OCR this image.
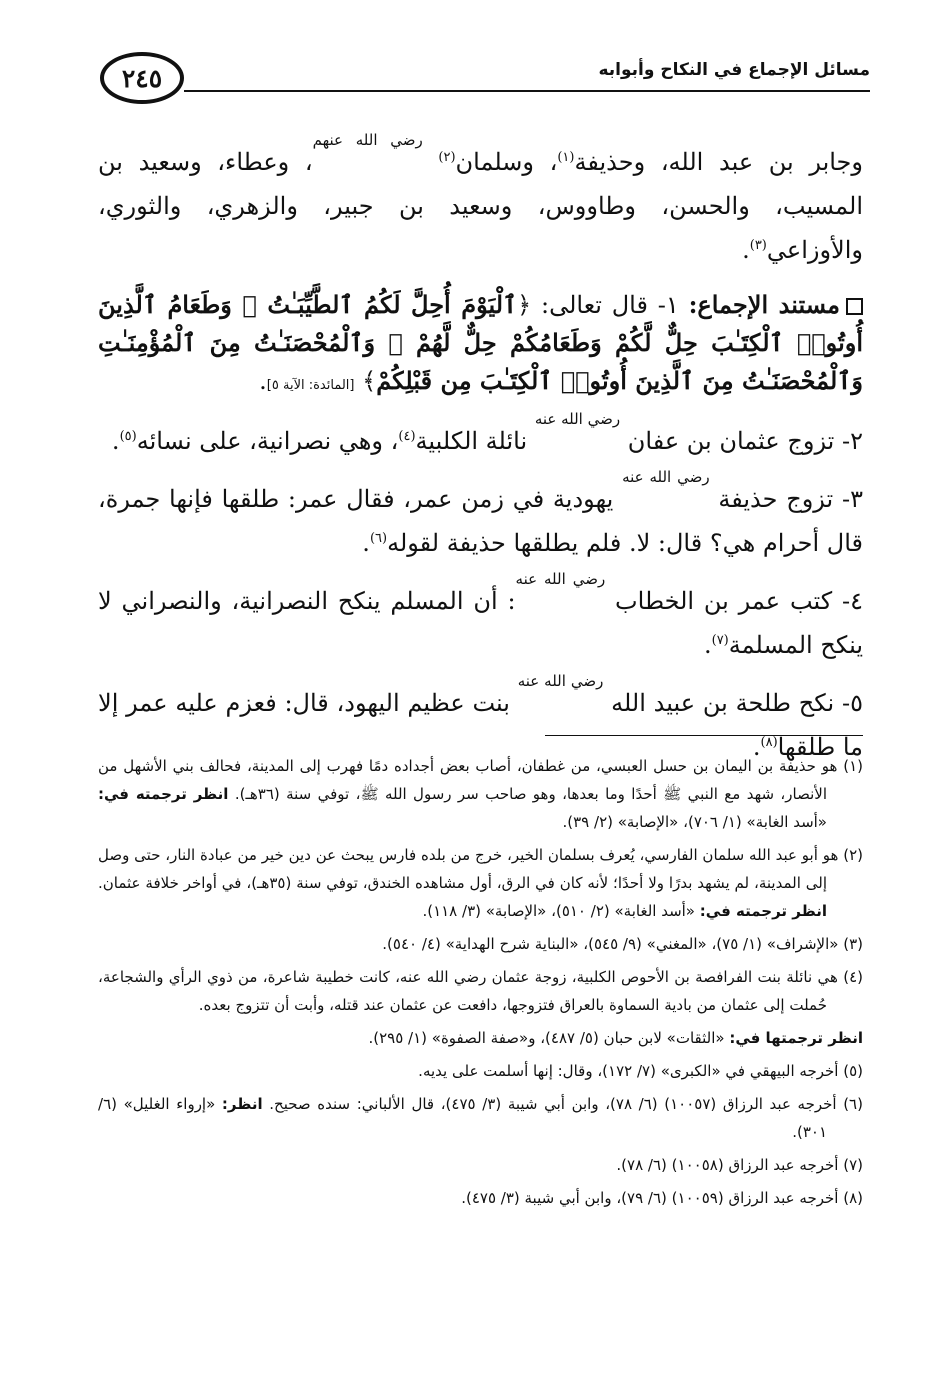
٢٤٥	مسائل الإجماع في النكاح وأبوابه

وجابر بن عبد الله، وحذيفة$^{(١)}$، وسلمان$^{(٢)}$ $^{رضي الله عنهم}$، وعطاء، وسعيد بن المسيب، والحسن، وطاووس، وسعيد بن جبير، والزهري، والثوري، والأوزاعي$^{(٣)}$.

مستند الإجماع: ١- قال تعالى: ﴿ٱلْيَوْمَ أُحِلَّ لَكُمُ ٱلطَّيِّبَـٰتُ ۖ وَطَعَامُ ٱلَّذِينَ أُوتُوا۟ ٱلْكِتَـٰبَ حِلٌّ لَّكُمْ وَطَعَامُكُمْ حِلٌّ لَّهُمْ ۖ وَٱلْمُحْصَنَـٰتُ مِنَ ٱلْمُؤْمِنَـٰتِ وَٱلْمُحْصَنَـٰتُ مِنَ ٱلَّذِينَ أُوتُوا۟ ٱلْكِتَـٰبَ مِن قَبْلِكُمْ﴾ [المائدة: الآية ٥].

٢- تزوج عثمان بن عفان $^{رضي الله عنه}$ نائلة الكلبية$^{(٤)}$، وهي نصرانية، على نسائه$^{(٥)}$.

٣- تزوج حذيفة $^{رضي الله عنه}$ يهودية في زمن عمر، فقال عمر: طلقها فإنها جمرة، قال أحرام هي؟ قال: لا. فلم يطلقها حذيفة لقوله$^{(٦)}$.

٤- كتب عمر بن الخطاب $^{رضي الله عنه}$: أن المسلم ينكح النصرانية، والنصراني لا ينكح المسلمة$^{(٧)}$.

٥- نكح طلحة بن عبيد الله $^{رضي الله عنه}$ بنت عظيم اليهود، قال: فعزم عليه عمر إلا ما طلقها$^{(٨)}$.

(١) هو حذيفة بن اليمان بن حسل العبسي، من غطفان، أصاب بعض أجداده دمًا فهرب إلى المدينة، فحالف بني الأشهل من الأنصار، شهد مع النبي ﷺ أحدًا وما بعدها، وهو صاحب سر رسول الله ﷺ، توفي سنة (٣٦هـ). انظر ترجمته في: «أسد الغابة» (١/ ٧٠٦)، «الإصابة» (٢/ ٣٩).

(٢) هو أبو عبد الله سلمان الفارسي، يُعرف بسلمان الخير، خرج من بلده فارس يبحث عن دين خير من عبادة النار، حتى وصل إلى المدينة، لم يشهد بدرًا ولا أحدًا؛ لأنه كان في الرق، أول مشاهده الخندق، توفي سنة (٣٥هـ)، في أواخر خلافة عثمان. انظر ترجمته في: «أسد الغابة» (٢/ ٥١٠)، «الإصابة» (٣/ ١١٨).

(٣) «الإشراف» (١/ ٧٥)، «المغني» (٩/ ٥٤٥)، «البناية شرح الهداية» (٤/ ٥٤٠).

(٤) هي نائلة بنت الفرافصة بن الأحوص الكلبية، زوجة عثمان رضي الله عنه، كانت خطيبة شاعرة، من ذوي الرأي والشجاعة، حُملت إلى عثمان من بادية السماوة بالعراق فتزوجها، دافعت عن عثمان عند قتله، وأبت أن تتزوج بعده.

انظر ترجمتها في: «الثقات» لابن حبان (٥/ ٤٨٧)، و«صفة الصفوة» (١/ ٢٩٥).

(٥) أخرجه البيهقي في «الكبرى» (٧/ ١٧٢)، وقال: إنها أسلمت على يديه.

(٦) أخرجه عبد الرزاق (١٠٠٥٧) (٦/ ٧٨)، وابن أبي شيبة (٣/ ٤٧٥)، قال الألباني: سنده صحيح. انظر: «إرواء الغليل» (٦/ ٣٠١).

(٧) أخرجه عبد الرزاق (١٠٠٥٨) (٦/ ٧٨).

(٨) أخرجه عبد الرزاق (١٠٠٥٩) (٦/ ٧٩)، وابن أبي شيبة (٣/ ٤٧٥).
